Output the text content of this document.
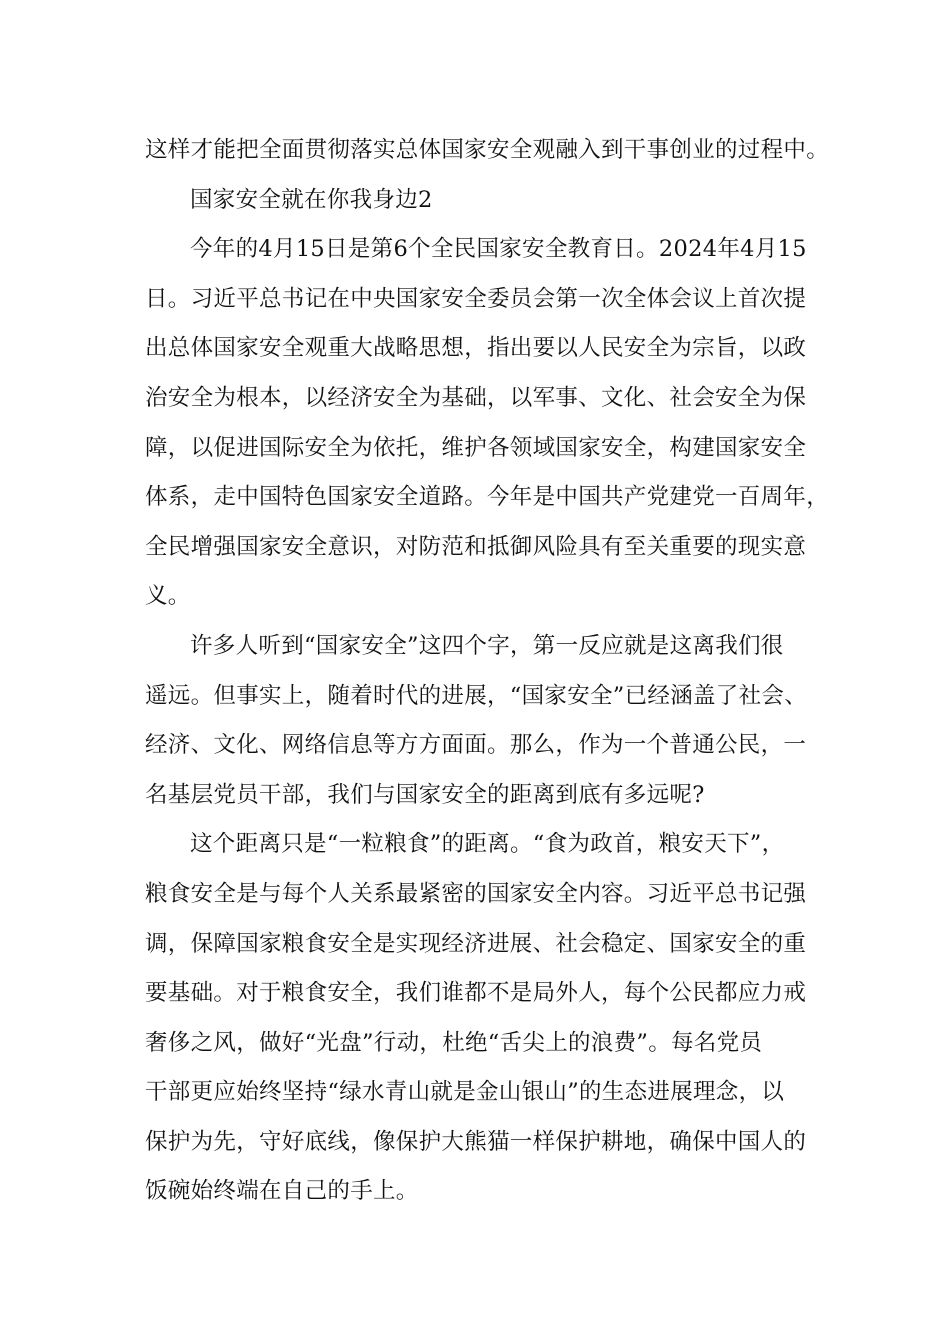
这样才能把全面贯彻落实总体国家安全观融入到干事创业的过程中。
国家安全就在你我身边2
今年的4月15日是第6个全民国家安全教育日。2024年4月15
日。习近平总书记在中央国家安全委员会第一次全体会议上首次提
出总体国家安全观重大战略思想，指出要以人民安全为宗旨，以政
治安全为根本，以经济安全为基础，以军事、文化、社会安全为保
障，以促进国际安全为依托，维护各领域国家安全，构建国家安全
体系，走中国特色国家安全道路。今年是中国共产党建党一百周年，
全民增强国家安全意识，对防范和抵御风险具有至关重要的现实意
义。
许多人听到“国家安全”这四个字，第一反应就是这离我们很
遥远。但事实上，随着时代的进展，“国家安全”已经涵盖了社会、
经济、文化、网络信息等方方面面。那么，作为一个普通公民，一
名基层党员干部，我们与国家安全的距离到底有多远呢?
这个距离只是“一粒粮食”的距离。“食为政首，粮安天下”，
粮食安全是与每个人关系最紧密的国家安全内容。习近平总书记强
调，保障国家粮食安全是实现经济进展、社会稳定、国家安全的重
要基础。对于粮食安全，我们谁都不是局外人，每个公民都应力戒
奢侈之风，做好“光盘”行动，杜绝“舌尖上的浪费”。每名党员
干部更应始终坚持“绿水青山就是金山银山”的生态进展理念，以
保护为先，守好底线，像保护大熊猫一样保护耕地，确保中国人的
饭碗始终端在自己的手上。
